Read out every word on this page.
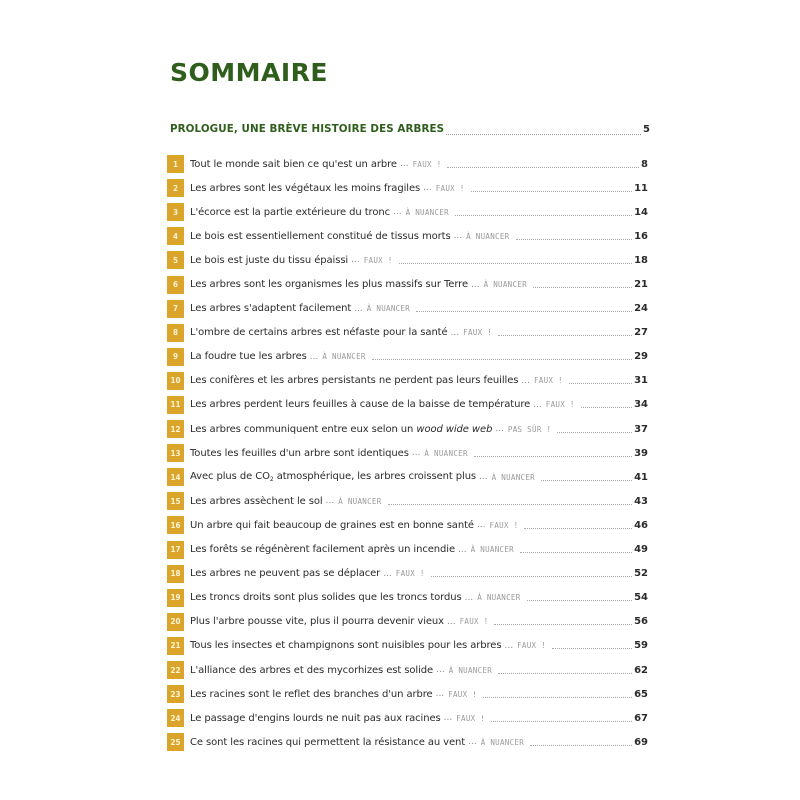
SOMMAIRE
PROLOGUE, UNE BRÈVE HISTOIRE DES ARBRES	5
1	Tout le monde sait bien ce qu'est un arbre ... FAUX !	8
2	Les arbres sont les végétaux les moins fragiles ... FAUX !	11
3	L'écorce est la partie extérieure du tronc ... À NUANCER	14
4	Le bois est essentiellement constitué de tissus morts ... À NUANCER	16
5	Le bois est juste du tissu épaissi ... FAUX !	18
6	Les arbres sont les organismes les plus massifs sur Terre ... À NUANCER	21
7	Les arbres s'adaptent facilement ... À NUANCER	24
8	L'ombre de certains arbres est néfaste pour la santé ... FAUX !	27
9	La foudre tue les arbres ... À NUANCER	29
10 Les conifères et les arbres persistants ne perdent pas leurs feuilles ... FAUX !	31
11 Les arbres perdent leurs feuilles à cause de la baisse de température ... FAUX !	34
12 Les arbres communiquent entre eux selon un wood wide web ... PAS SÛR !	37
13 Toutes les feuilles d'un arbre sont identiques ... À NUANCER	39
14 Avec plus de $CO_2$ atmosphérique, les arbres croissent plus ... À NUANCER	41
15 Les arbres assèchent le sol ... À NUANCER	43
16 Un arbre qui fait beaucoup de graines est en bonne santé ... FAUX !	46
17 Les forêts se régénèrent facilement après un incendie ... À NUANCER	49
18 Les arbres ne peuvent pas se déplacer ... FAUX !	52
19 Les troncs droits sont plus solides que les troncs tordus ... À NUANCER	54
20 Plus l'arbre pousse vite, plus il pourra devenir vieux ... FAUX !	56
21 Tous les insectes et champignons sont nuisibles pour les arbres ... FAUX !	59
22 L'alliance des arbres et des mycorhizes est solide ... À NUANCER	62
23 Les racines sont le reflet des branches d'un arbre ... FAUX !	65
24 Le passage d'engins lourds ne nuit pas aux racines ... FAUX !	67
25 Ce sont les racines qui permettent la résistance au vent ... À NUANCER	69
